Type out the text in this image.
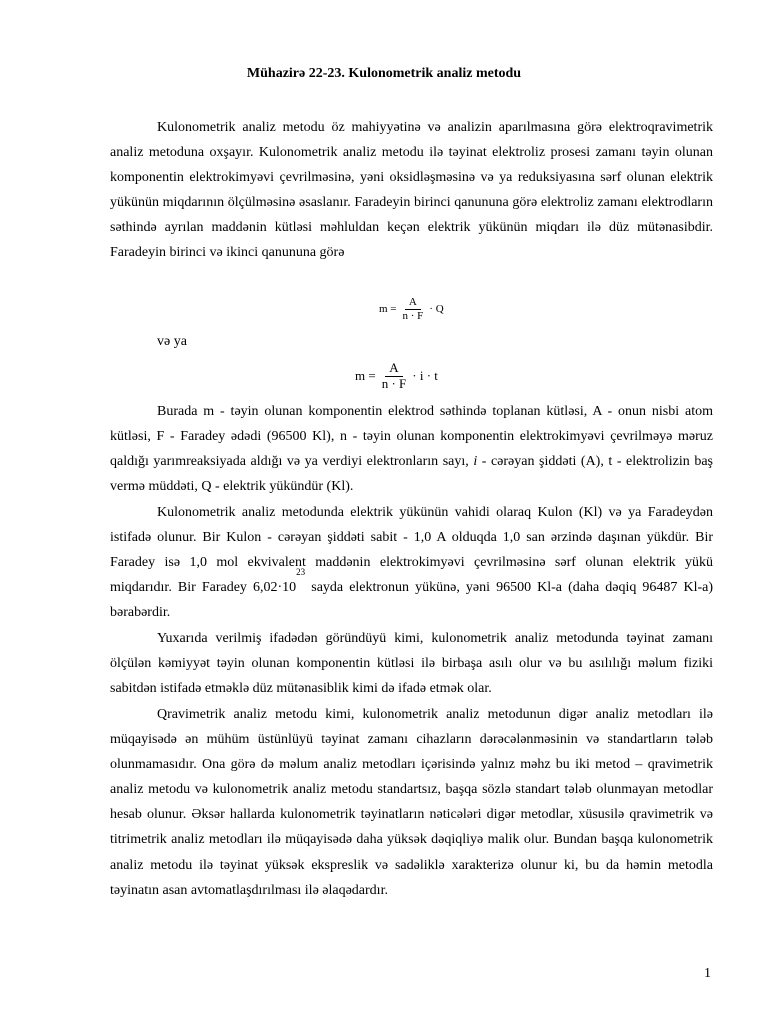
Mühazirə 22-23. Kulonometrik analiz metodu

Kulonometrik analiz metodu öz mahiyyətinə və analizin aparılmasına görə elektroqravimetrik analiz metoduna oxşayır. Kulonometrik analiz metodu ilə təyinat elektroliz prosesi zamanı təyin olunan komponentin elektrokimyəvi çevrilməsinə, yəni oksidləşməsinə və ya reduksiyasına sərf olunan elektrik yükünün miqdarının ölçülməsinə əsaslanır. Faradeyin birinci qanununa görə elektroliz zamanı elektrodların səthində ayrılan maddənin kütləsi məhluldan keçən elektrik yükünün miqdarı ilə düz mütənasibdir. Faradeyin birinci və ikinci qanununa görə

$m = \frac{A}{n \cdot F} \cdot Q$
və ya
$m = \frac{A}{n \cdot F} \cdot i \cdot t$

Burada m - təyin olunan komponentin elektrod səthində toplanan kütləsi, A - onun nisbi atom kütləsi, F - Faradey ədədi (96500 Kl), n - təyin olunan komponentin elektrokimyəvi çevrilməyə məruz qaldığı yarımreaksiyada aldığı və ya verdiyi elektronların sayı, i - cərəyan şiddəti (A), t - elektrolizin baş vermə müddəti, Q - elektrik yükündür (Kl).

Kulonometrik analiz metodunda elektrik yükünün vahidi olaraq Kulon (Kl) və ya Faradeydən istifadə olunur. Bir Kulon - cərəyan şiddəti sabit - 1,0 A olduqda 1,0 san ərzində daşınan yükdür. Bir Faradey isə 1,0 mol ekvivalent maddənin elektrokimyəvi çevrilməsinə sərf olunan elektrik yükü miqdarıdır. Bir Faradey $6,02\cdot 10^{23}$ sayda elektronun yükünə, yəni 96500 Kl-a (daha dəqiq 96487 Kl-a) bərabərdir.

Yuxarıda verilmiş ifadədən göründüyü kimi, kulonometrik analiz metodunda təyinat zamanı ölçülən kəmiyyət təyin olunan komponentin kütləsi ilə birbaşa asılı olur və bu asılılığı məlum fiziki sabitdən istifadə etməklə düz mütənasiblik kimi də ifadə etmək olar.

Qravimetrik analiz metodu kimi, kulonometrik analiz metodunun digər analiz metodları ilə müqayisədə ən mühüm üstünlüyü təyinat zamanı cihazların dərəcələnməsinin və standartların tələb olunmamasıdır. Ona görə də məlum analiz metodları içərisində yalnız məhz bu iki metod – qravimetrik analiz metodu və kulonometrik analiz metodu standartsız, başqa sözlə standart tələb olunmayan metodlar hesab olunur. Əksər hallarda kulonometrik təyinatların nəticələri digər metodlar, xüsusilə qravimetrik və titrimetrik analiz metodları ilə müqayisədə daha yüksək dəqiqliyə malik olur. Bundan başqa kulonometrik analiz metodu ilə təyinat yüksək ekspreslik və sadəliklə xarakterizə olunur ki, bu da həmin metodla təyinatın asan avtomatlaşdırılması ilə əlaqədardır.

1
